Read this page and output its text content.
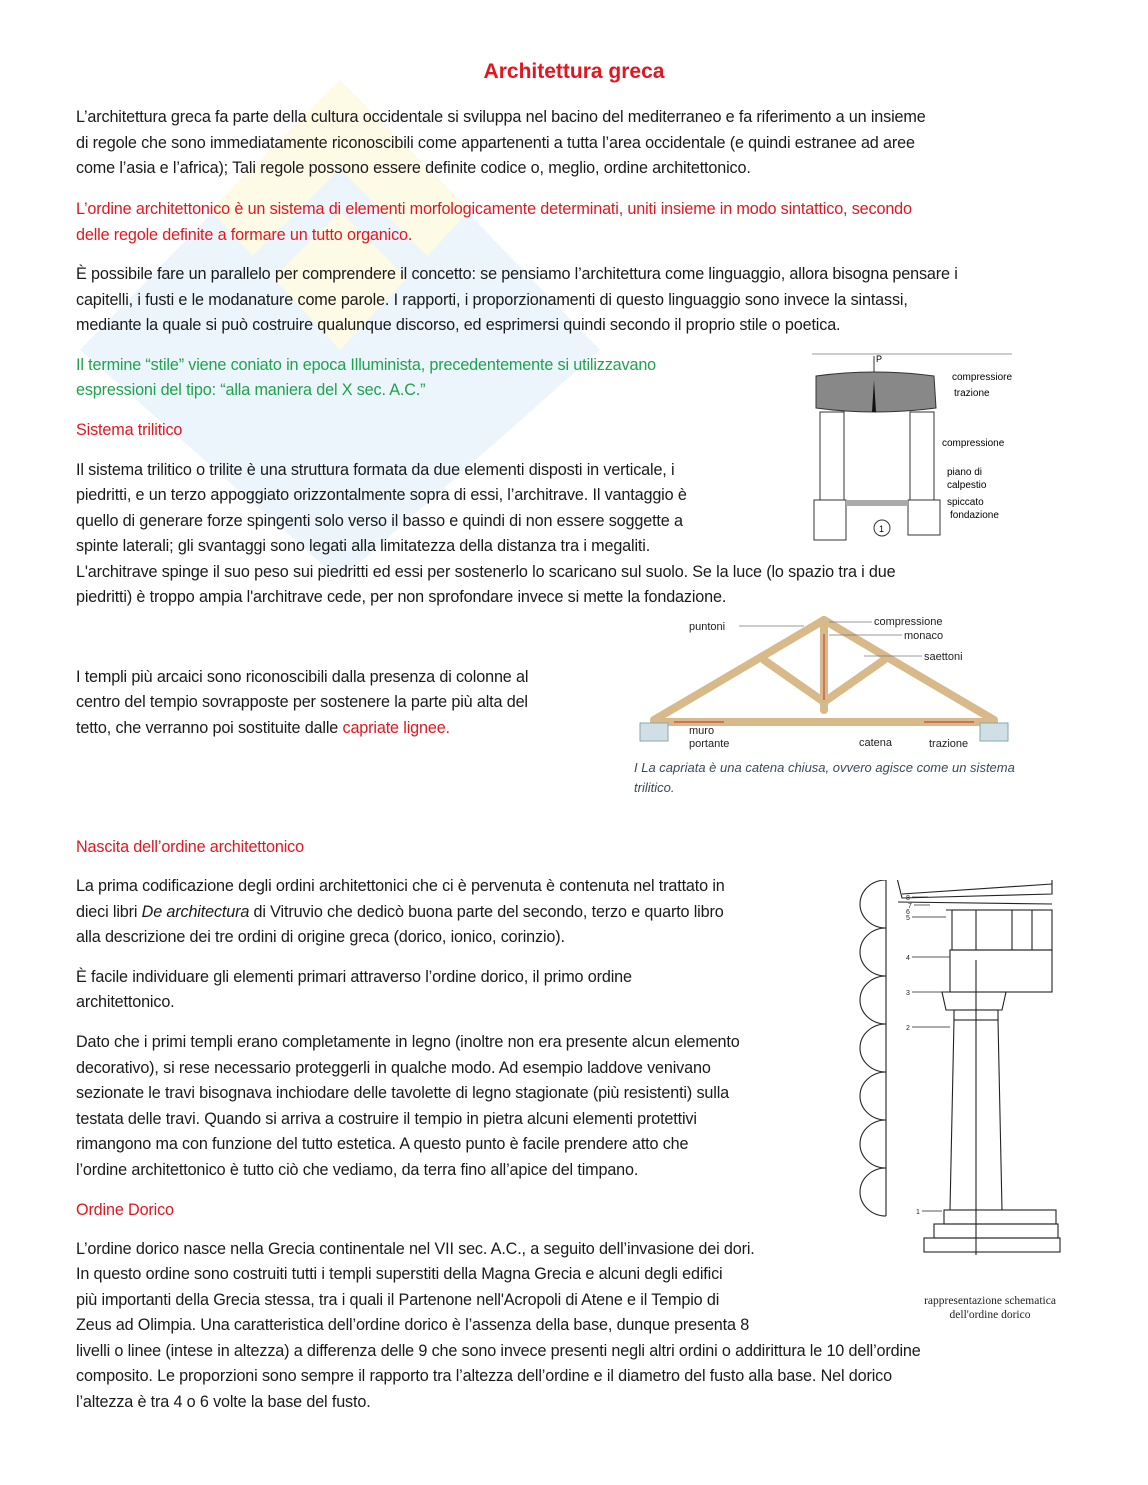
Architettura greca

L’architettura greca fa parte della cultura occidentale si sviluppa nel bacino del mediterraneo e fa riferimento a un insieme

di regole che sono immediatamente riconoscibili come appartenenti a tutta l’area occidentale (e quindi estranee ad aree

come l’asia e l’africa); Tali regole possono essere definite codice o, meglio, ordine architettonico.

L’ordine architettonico è un sistema di elementi morfologicamente determinati, uniti insieme in modo sintattico, secondo

delle regole definite a formare un tutto organico.

È possibile fare un parallelo per comprendere il concetto: se pensiamo l’architettura come linguaggio, allora bisogna pensare i

capitelli, i fusti e le modanature come parole. I rapporti, i proporzionamenti di questo linguaggio sono invece la sintassi,

mediante la quale si può costruire qualunque discorso, ed esprimersi quindi secondo il proprio stile o poetica.

Il termine “stile” viene coniato in epoca Illuminista, precedentemente si utilizzavano

espressioni del tipo: “alla maniera del X sec. A.C.”

Sistema trilitico

Il sistema trilitico o trilite è una struttura formata da due elementi disposti in verticale, i

piedritti, e un terzo appoggiato orizzontalmente sopra di essi, l’architrave. Il vantaggio è

quello di generare forze spingenti solo verso il basso e quindi di non essere soggette a

spinte laterali; gli svantaggi sono legati alla limitatezza della distanza tra i megaliti.

L'architrave spinge il suo peso sui piedritti ed essi per sostenerlo lo scaricano sul suolo. Se la luce (lo spazio tra i due

piedritti) è troppo ampia l'architrave cede, per non sprofondare invece si mette la fondazione.

P
1
compressiore
trazione
compressione
piano di
calpestio
spiccato
fondazione

I templi più arcaici sono riconoscibili dalla presenza di colonne al

centro del tempio sovrapposte per sostenere la parte più alta del

tetto, che verranno poi sostituite dalle capriate lignee.

puntoni	compressione
monaco
saettoni
muro
portante	catena	trazione

I La capriata è una catena chiusa, ovvero agisce come un sistema trilitico.

Nascita dell’ordine architettonico

La prima codificazione degli ordini architettonici che ci è pervenuta è contenuta nel trattato in

dieci libri De architectura di Vitruvio che dedicò buona parte del secondo, terzo e quarto libro

alla descrizione dei tre ordini di origine greca (dorico, ionico, corinzio).

È facile individuare gli elementi primari attraverso l’ordine dorico, il primo ordine

architettonico.

Dato che i primi templi erano completamente in legno (inoltre non era presente alcun elemento

decorativo), si rese necessario proteggerli in qualche modo. Ad esempio laddove venivano

sezionate le travi bisognava inchiodare delle tavolette di legno stagionate (più resistenti) sulla

testata delle travi. Quando si arriva a costruire il tempio in pietra alcuni elementi protettivi

rimangono ma con funzione del tutto estetica. A questo punto è facile prendere atto che

l’ordine architettonico è tutto ciò che vediamo, da terra fino all’apice del timpano.

1
2
3
4
5
6
7
8
rappresentazione schematica
dell'ordine dorico

Ordine Dorico

L’ordine dorico nasce nella Grecia continentale nel VII sec. A.C., a seguito dell’invasione dei dori.

In questo ordine sono costruiti tutti i templi superstiti della Magna Grecia e alcuni degli edifici

più importanti della Grecia stessa, tra i quali il Partenone nell'Acropoli di Atene e il Tempio di

Zeus ad Olimpia. Una caratteristica dell’ordine dorico è l’assenza della base, dunque presenta 8

livelli o linee (intese in altezza) a differenza delle 9 che sono invece presenti negli altri ordini o addirittura le 10 dell’ordine

composito. Le proporzioni sono sempre il rapporto tra l’altezza dell’ordine e il diametro del fusto alla base. Nel dorico

l’altezza è tra 4 o 6 volte la base del fusto.
